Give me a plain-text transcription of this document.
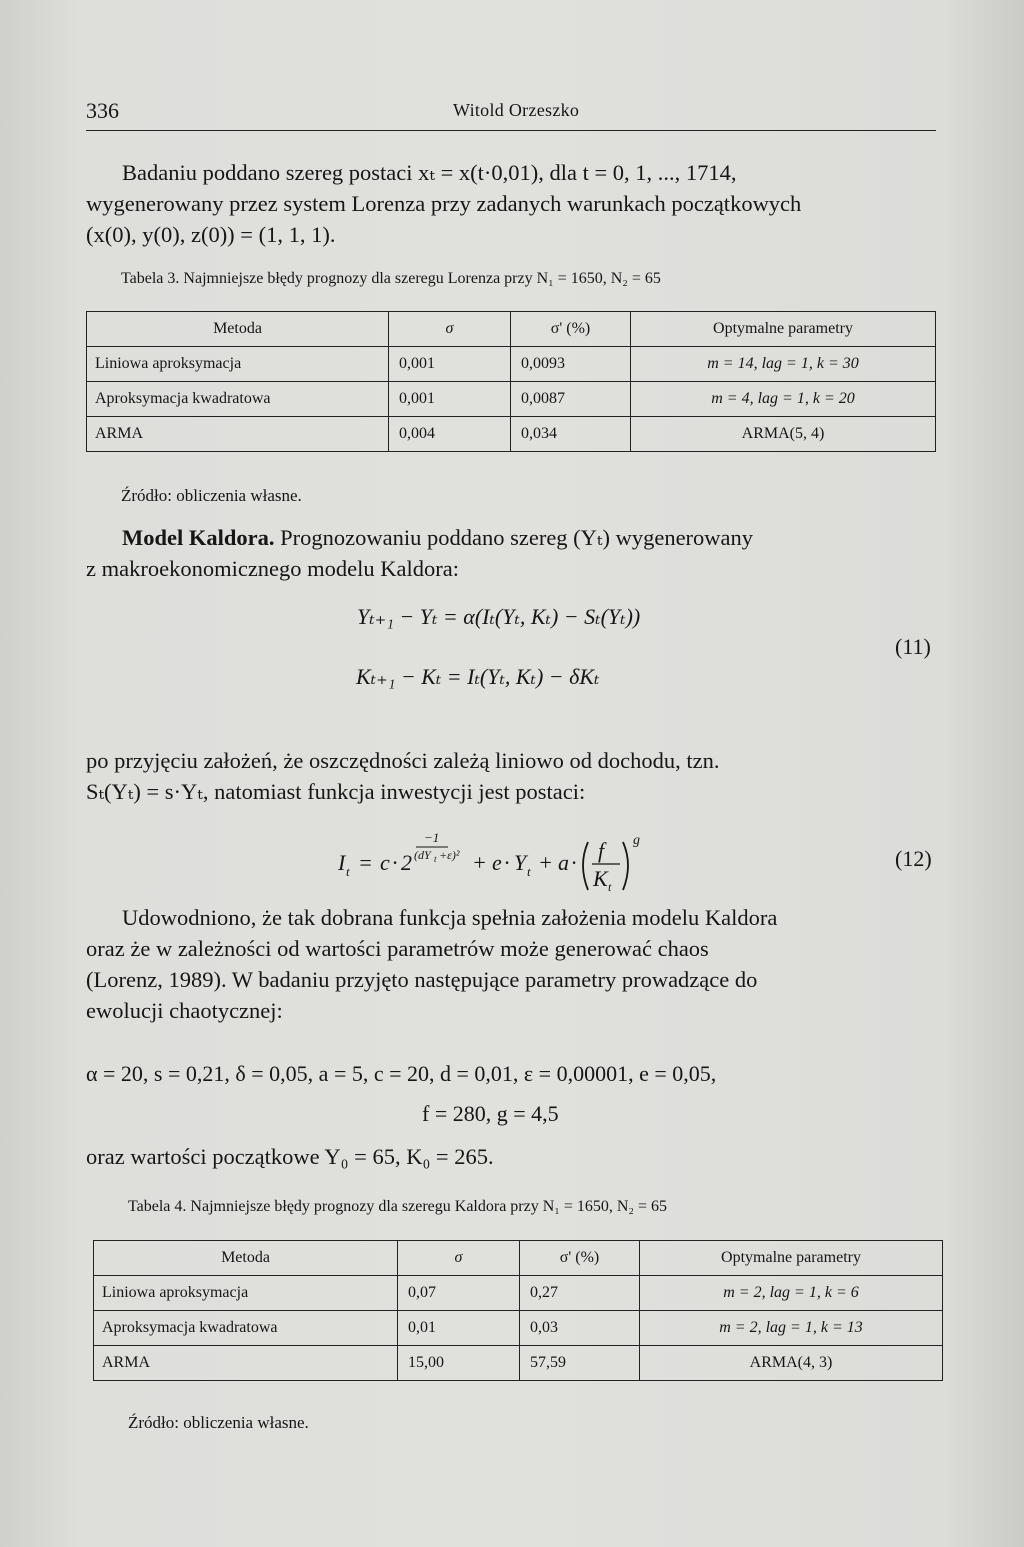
336	Witold Orzeszko
Badaniu poddano szereg postaci xₜ = x(t·0,01), dla t = 0, 1, ..., 1714,
wygenerowany przez system Lorenza przy zadanych warunkach początkowych
(x(0), y(0), z(0)) = (1, 1, 1).
Tabela 3. Najmniejsze błędy prognozy dla szeregu Lorenza przy N₁ = 1650, N₂ = 65
Metoda	σ	σ' (%)	Optymalne parametry
Liniowa aproksymacja	0,001	0,0093	m = 14, lag = 1, k = 30
Aproksymacja kwadratowa	0,001	0,0087	m = 4, lag = 1, k = 20
ARMA	0,004	0,034	ARMA(5, 4)
Źródło: obliczenia własne.
Model Kaldora. Prognozowaniu poddano szereg (Yₜ) wygenerowany
z makroekonomicznego modelu Kaldora:
Yₜ₊₁ − Yₜ = α(Iₜ(Yₜ, Kₜ) − Sₜ(Yₜ))
Kₜ₊₁ − Kₜ = Iₜ(Yₜ, Kₜ) − δKₜ
(11)
po przyjęciu założeń, że oszczędności zależą liniowo od dochodu, tzn.
Sₜ(Yₜ) = s·Yₜ, natomiast funkcja inwestycji jest postaci:
I t = c · 2
−1
(dY t +ε)² + e · Y t + a · f
K t
g
(12)
Udowodniono, że tak dobrana funkcja spełnia założenia modelu Kaldora
oraz że w zależności od wartości parametrów może generować chaos
(Lorenz, 1989). W badaniu przyjęto następujące parametry prowadzące do
ewolucji chaotycznej:
α = 20, s = 0,21, δ = 0,05, a = 5, c = 20, d = 0,01, ε = 0,00001, e = 0,05,
f = 280, g = 4,5
oraz wartości początkowe Y₀ = 65, K₀ = 265.
Tabela 4. Najmniejsze błędy prognozy dla szeregu Kaldora przy N₁ = 1650, N₂ = 65
Metoda	σ	σ' (%)	Optymalne parametry
Liniowa aproksymacja	0,07	0,27	m = 2, lag = 1, k = 6
Aproksymacja kwadratowa	0,01	0,03	m = 2, lag = 1, k = 13
ARMA	15,00	57,59	ARMA(4, 3)
Źródło: obliczenia własne.
